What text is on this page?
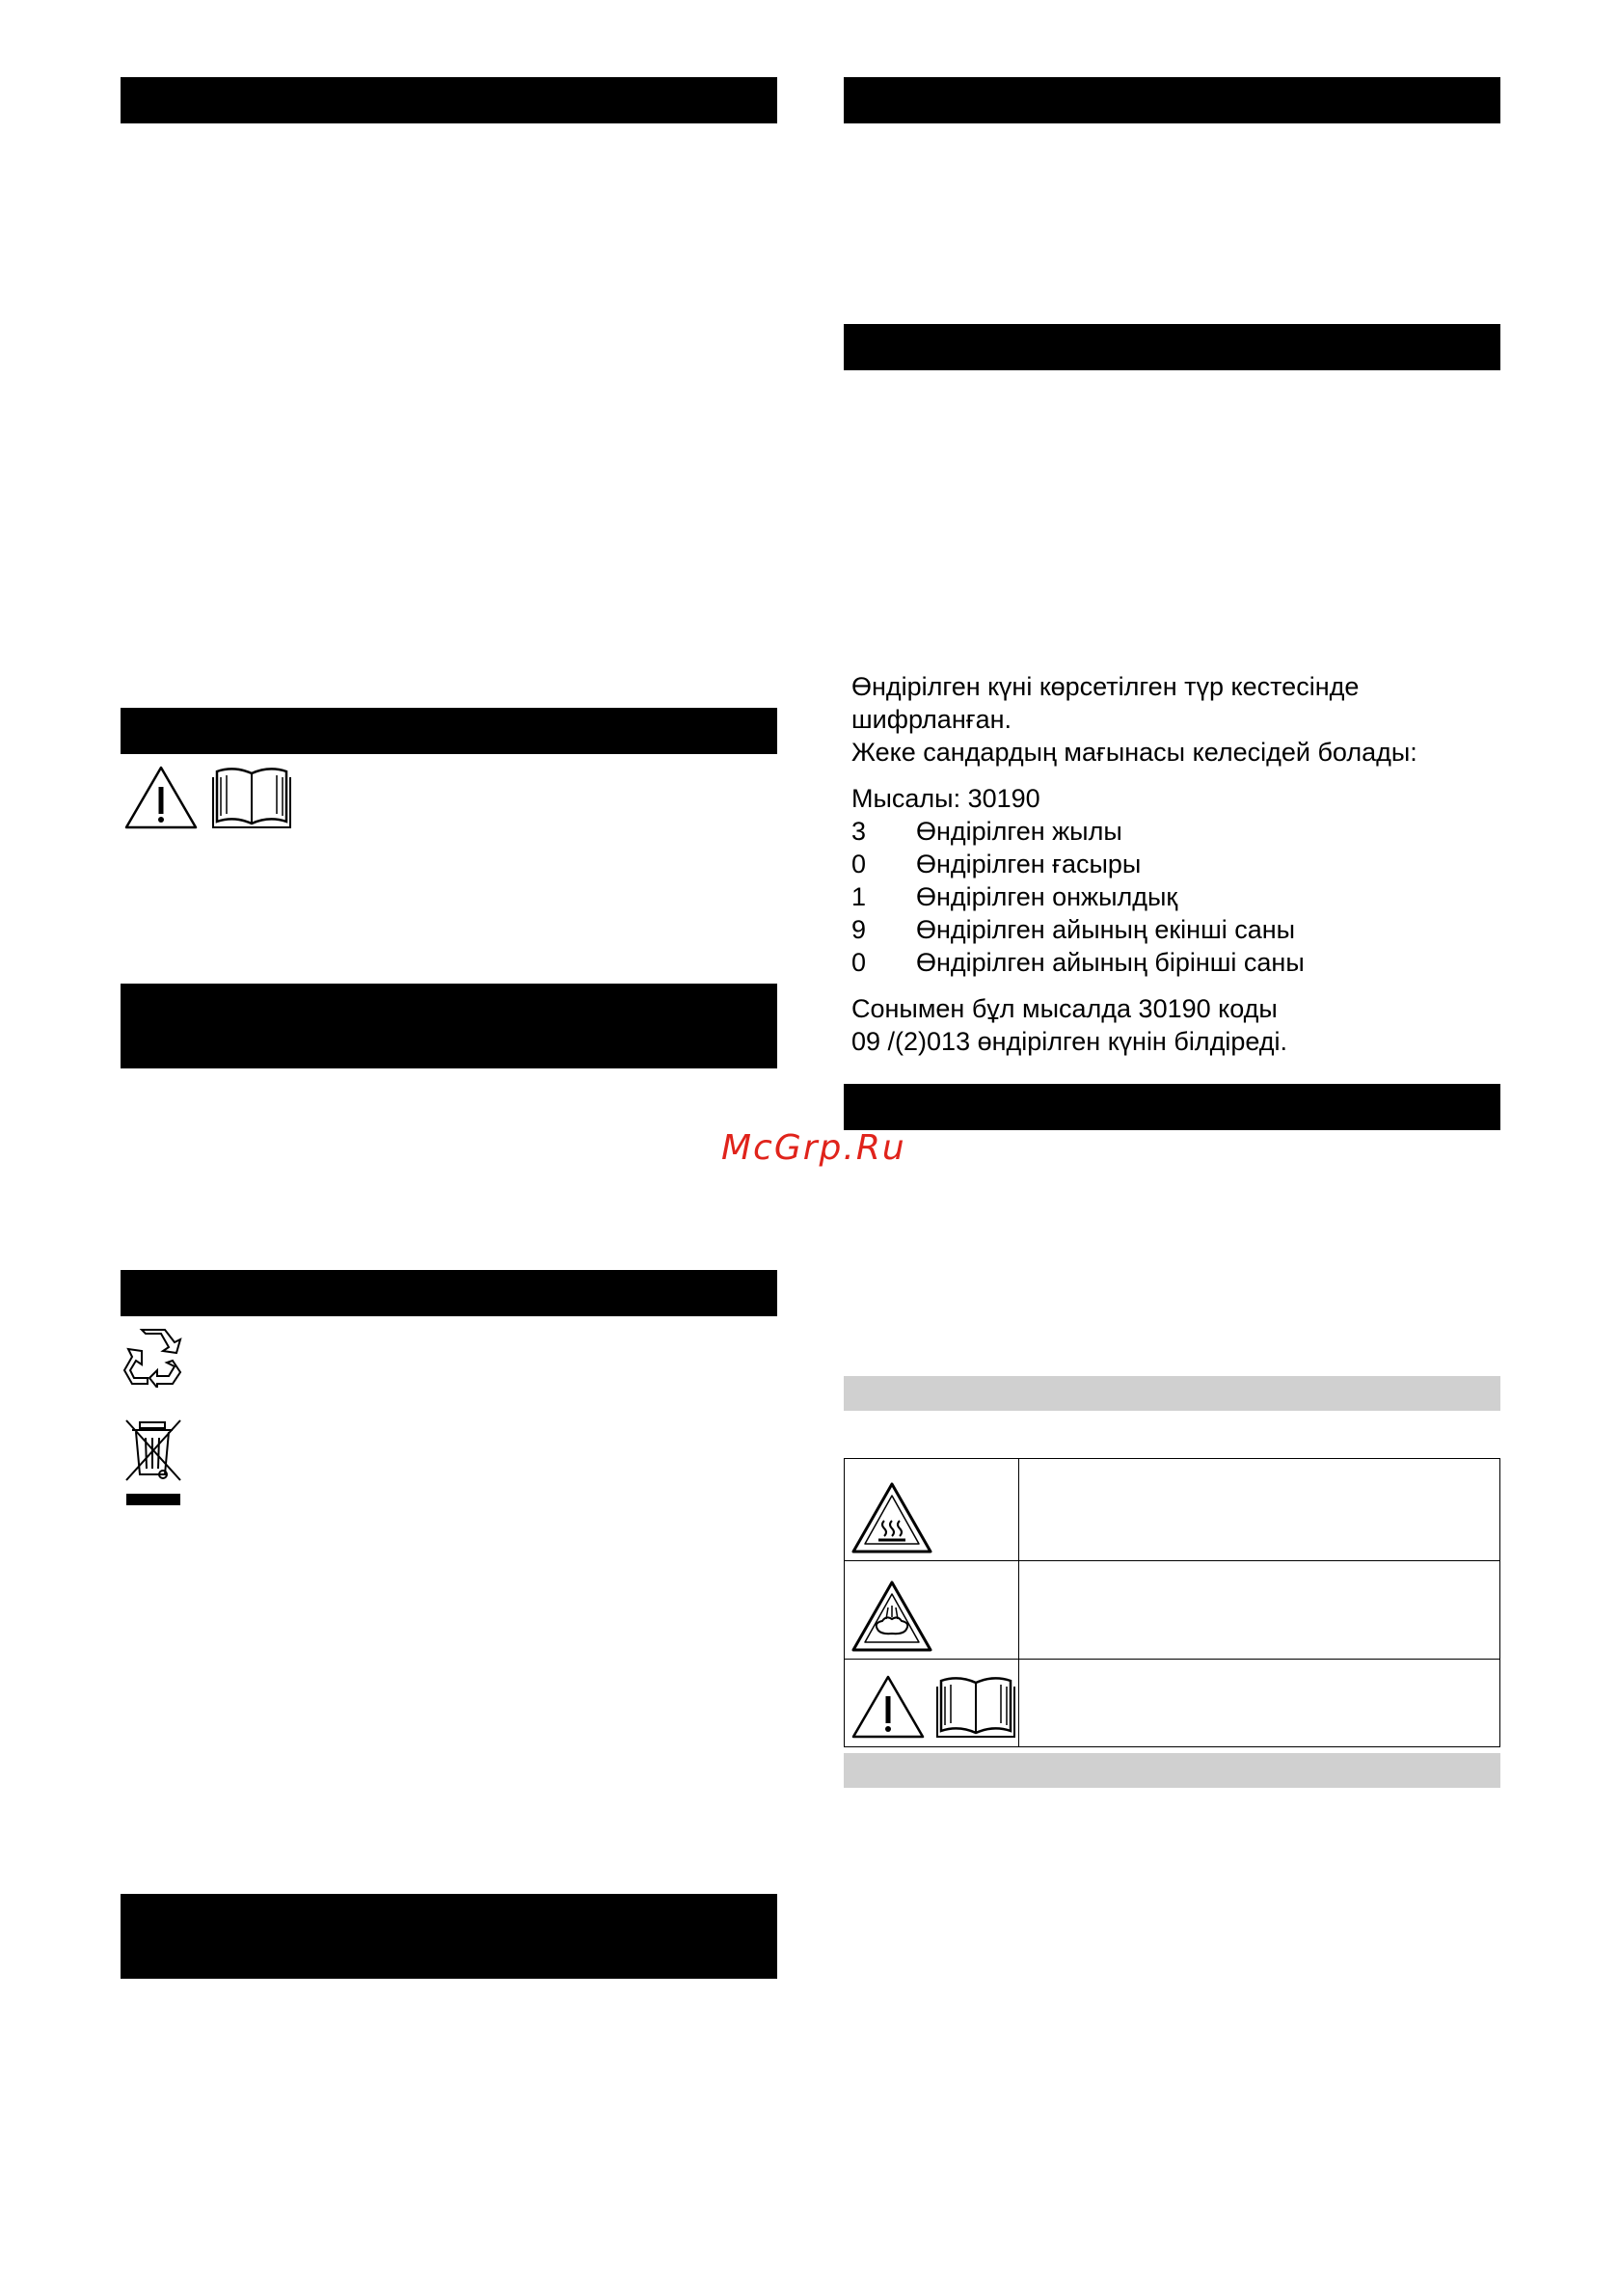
Өндірілген күні көрсетілген түр кестесінде
шифрланған.
Жеке сандардың мағынасы келесідей болады:
Мысалы: 30190
3	Өндірілген жылы
0	Өндірілген ғасыры
1	Өндірілген онжылдық
9	Өндірілген айының екінші саны
0	Өндірілген айының бірінші саны
Сонымен бұл мысалда 30190 коды
09 /(2)013 өндірілген күнін білдіреді.
McGrp.Ru
